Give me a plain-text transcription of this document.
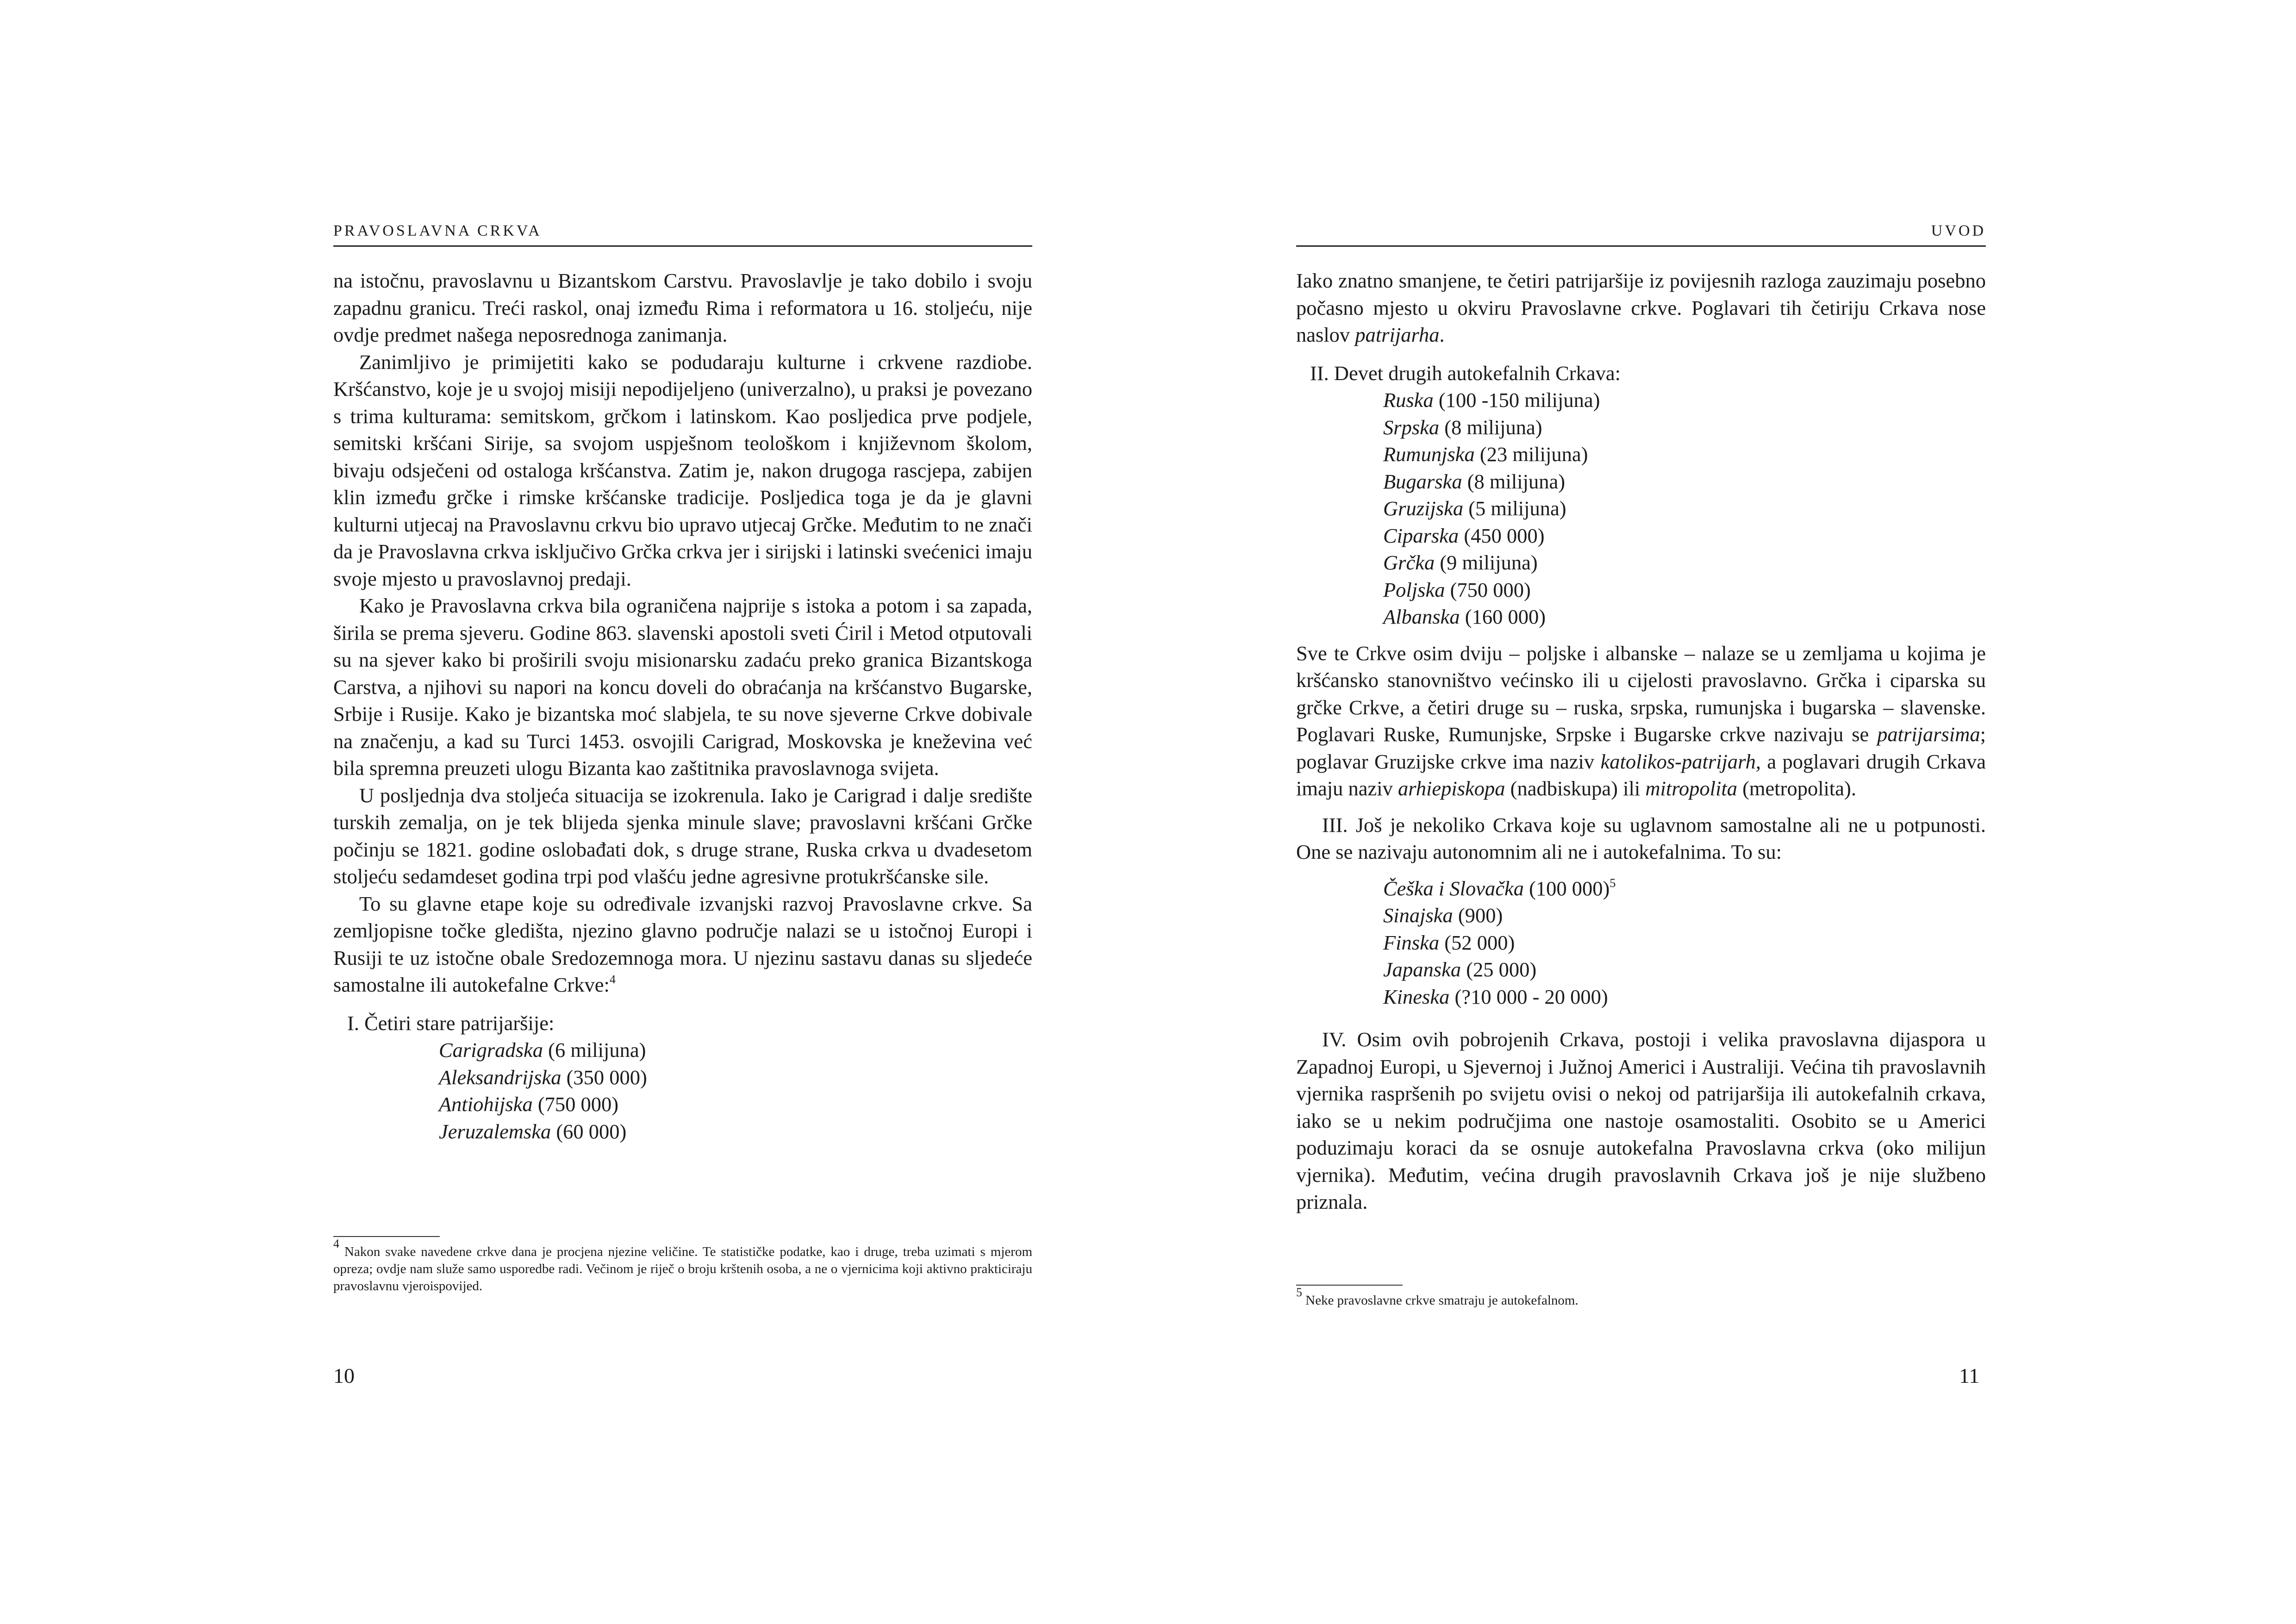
PRAVOSLAVNA CRKVA

na istočnu, pravoslavnu u Bizantskom Carstvu. Pravoslavlje je tako dobilo i svoju zapadnu granicu. Treći raskol, onaj između Rima i reformatora u 16. stoljeću, nije ovdje predmet našega neposrednoga zanimanja.

Zanimljivo je primijetiti kako se podudaraju kulturne i crkvene razdiobe. Kršćanstvo, koje je u svojoj misiji nepodijeljeno (univerzalno), u praksi je povezano s trima kulturama: semitskom, grčkom i latinskom. Kao posljedica prve podjele, semitski kršćani Sirije, sa svojom uspješnom teološkom i književnom školom, bivaju odsječeni od ostaloga kršćanstva. Zatim je, nakon drugoga rascjepa, zabijen klin između grčke i rimske kršćanske tradicije. Posljedica toga je da je glavni kulturni utjecaj na Pravoslavnu crkvu bio upravo utjecaj Grčke. Međutim to ne znači da je Pravoslavna crkva isključivo Grčka crkva jer i sirijski i latinski svećenici imaju svoje mjesto u pravoslavnoj predaji.

Kako je Pravoslavna crkva bila ograničena najprije s istoka a potom i sa zapada, širila se prema sjeveru. Godine 863. slavenski apostoli sveti Ćiril i Metod otputovali su na sjever kako bi proširili svoju misionarsku zadaću preko granica Bizantskoga Carstva, a njihovi su napori na koncu doveli do obraćanja na kršćanstvo Bugarske, Srbije i Rusije. Kako je bizantska moć slabjela, te su nove sjeverne Crkve dobivale na značenju, a kad su Turci 1453. osvojili Carigrad, Moskovska je kneževina već bila spremna preuzeti ulogu Bizanta kao zaštitnika pravoslavnoga svijeta.

U posljednja dva stoljeća situacija se izokrenula. Iako je Carigrad i dalje središte turskih zemalja, on je tek blijeda sjenka minule slave; pravoslavni kršćani Grčke počinju se 1821. godine oslobađati dok, s druge strane, Ruska crkva u dvadesetom stoljeću sedamdeset godina trpi pod vlašću jedne agresivne protukršćanske sile.

To su glavne etape koje su određivale izvanjski razvoj Pravoslavne crkve. Sa zemljopisne točke gledišta, njezino glavno područje nalazi se u istočnoj Europi i Rusiji te uz istočne obale Sredozemnoga mora. U njezinu sastavu danas su sljedeće samostalne ili autokefalne Crkve:$^4$

I. Četiri stare patrijaršije:
Carigradska (6 milijuna)
Aleksandrijska (350 000)
Antiohijska (750 000)
Jeruzalemska (60 000)
$^4$ Nakon svake navedene crkve dana je procjena njezine veličine. Te statističke podatke, kao i druge, treba uzimati s mjerom opreza; ovdje nam služe samo usporedbe radi. Večinom je riječ o broju krštenih osoba, a ne o vjernicima koji aktivno prakticiraju pravoslavnu vjeroispovijed.
10
UVOD

Iako znatno smanjene, te četiri patrijaršije iz povijesnih razloga zauzimaju posebno počasno mjesto u okviru Pravoslavne crkve. Poglavari tih četiriju Crkava nose naslov patrijarha.

II. Devet drugih autokefalnih Crkava:
Ruska (100 -150 milijuna)
Srpska (8 milijuna)
Rumunjska (23 milijuna)
Bugarska (8 milijuna)
Gruzijska (5 milijuna)
Ciparska (450 000)
Grčka (9 milijuna)
Poljska (750 000)
Albanska (160 000)

Sve te Crkve osim dviju – poljske i albanske – nalaze se u zemljama u kojima je kršćansko stanovništvo većinsko ili u cijelosti pravoslavno. Grčka i ciparska su grčke Crkve, a četiri druge su – ruska, srpska, rumunjska i bugarska – slavenske. Poglavari Ruske, Rumunjske, Srpske i Bugarske crkve nazivaju se patrijarsima; poglavar Gruzijske crkve ima naziv katolikos-patrijarh, a poglavari drugih Crkava imaju naziv arhiepiskopa (nadbiskupa) ili mitropolita (metropolita).

III. Još je nekoliko Crkava koje su uglavnom samostalne ali ne u potpunosti. One se nazivaju autonomnim ali ne i autokefalnima. To su:

Češka i Slovačka (100 000)$^5$
Sinajska (900)
Finska (52 000)
Japanska (25 000)
Kineska (?10 000 - 20 000)

IV. Osim ovih pobrojenih Crkava, postoji i velika pravoslavna dijaspora u Zapadnoj Europi, u Sjevernoj i Južnoj Americi i Australiji. Većina tih pravoslavnih vjernika raspršenih po svijetu ovisi o nekoj od patrijaršija ili autokefalnih crkava, iako se u nekim područjima one nastoje osamostaliti. Osobito se u Americi poduzimaju koraci da se osnuje autokefalna Pravoslavna crkva (oko milijun vjernika). Međutim, većina drugih pravoslavnih Crkava još je nije službeno priznala.

$^5$ Neke pravoslavne crkve smatraju je autokefalnom.
11
